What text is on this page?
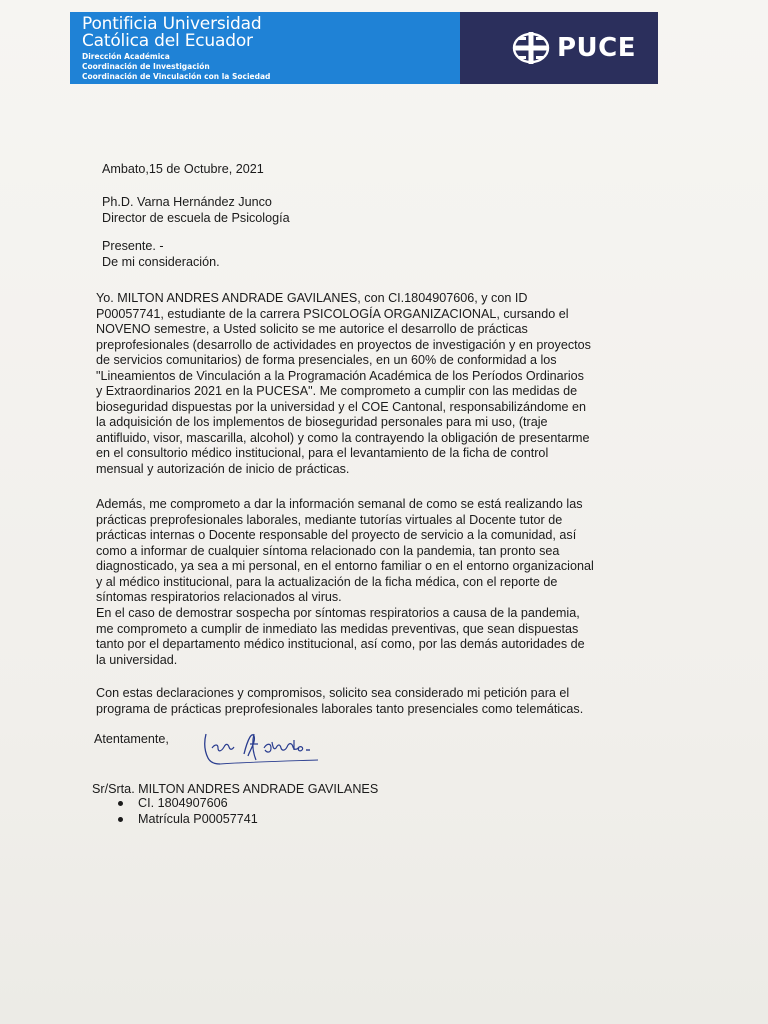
Pontificia Universidad
Católica del Ecuador
Dirección Académica
Coordinación de Investigación
Coordinación de Vinculación con la Sociedad
PUCE
Ambato,15 de Octubre, 2021
Ph.D. Varna Hernández Junco
Director de escuela de Psicología
Presente. -
De mi consideración.
Yo. MILTON ANDRES ANDRADE GAVILANES, con CI.1804907606, y con ID
P00057741, estudiante de la carrera PSICOLOGÍA ORGANIZACIONAL, cursando el
NOVENO semestre, a Usted solicito se me autorice el desarrollo de prácticas
preprofesionales (desarrollo de actividades en proyectos de investigación y en proyectos
de servicios comunitarios) de forma presenciales, en un 60% de conformidad a los
"Lineamientos de Vinculación a la Programación Académica de los Períodos Ordinarios
y Extraordinarios 2021 en la PUCESA". Me comprometo a cumplir con las medidas de
bioseguridad dispuestas por la universidad y el COE Cantonal, responsabilizándome en
la adquisición de los implementos de bioseguridad personales para mi uso, (traje
antifluido, visor, mascarilla, alcohol) y como la contrayendo la obligación de presentarme
en el consultorio médico institucional, para el levantamiento de la ficha de control
mensual y autorización de inicio de prácticas.
Además, me comprometo a dar la información semanal de como se está realizando las
prácticas preprofesionales laborales, mediante tutorías virtuales al Docente tutor de
prácticas internas o Docente responsable del proyecto de servicio a la comunidad, así
como a informar de cualquier síntoma relacionado con la pandemia, tan pronto sea
diagnosticado, ya sea a mi personal, en el entorno familiar o en el entorno organizacional
y al médico institucional, para la actualización de la ficha médica, con el reporte de
síntomas respiratorios relacionados al virus.
En el caso de demostrar sospecha por síntomas respiratorios a causa de la pandemia,
me comprometo a cumplir de inmediato las medidas preventivas, que sean dispuestas
tanto por el departamento médico institucional, así como, por las demás autoridades de
la universidad.
Con estas declaraciones y compromisos, solicito sea considerado mi petición para el
programa de prácticas preprofesionales laborales tanto presenciales como telemáticas.
Atentamente,
Sr/Srta. MILTON ANDRES ANDRADE GAVILANES
CI. 1804907606
Matrícula P00057741
